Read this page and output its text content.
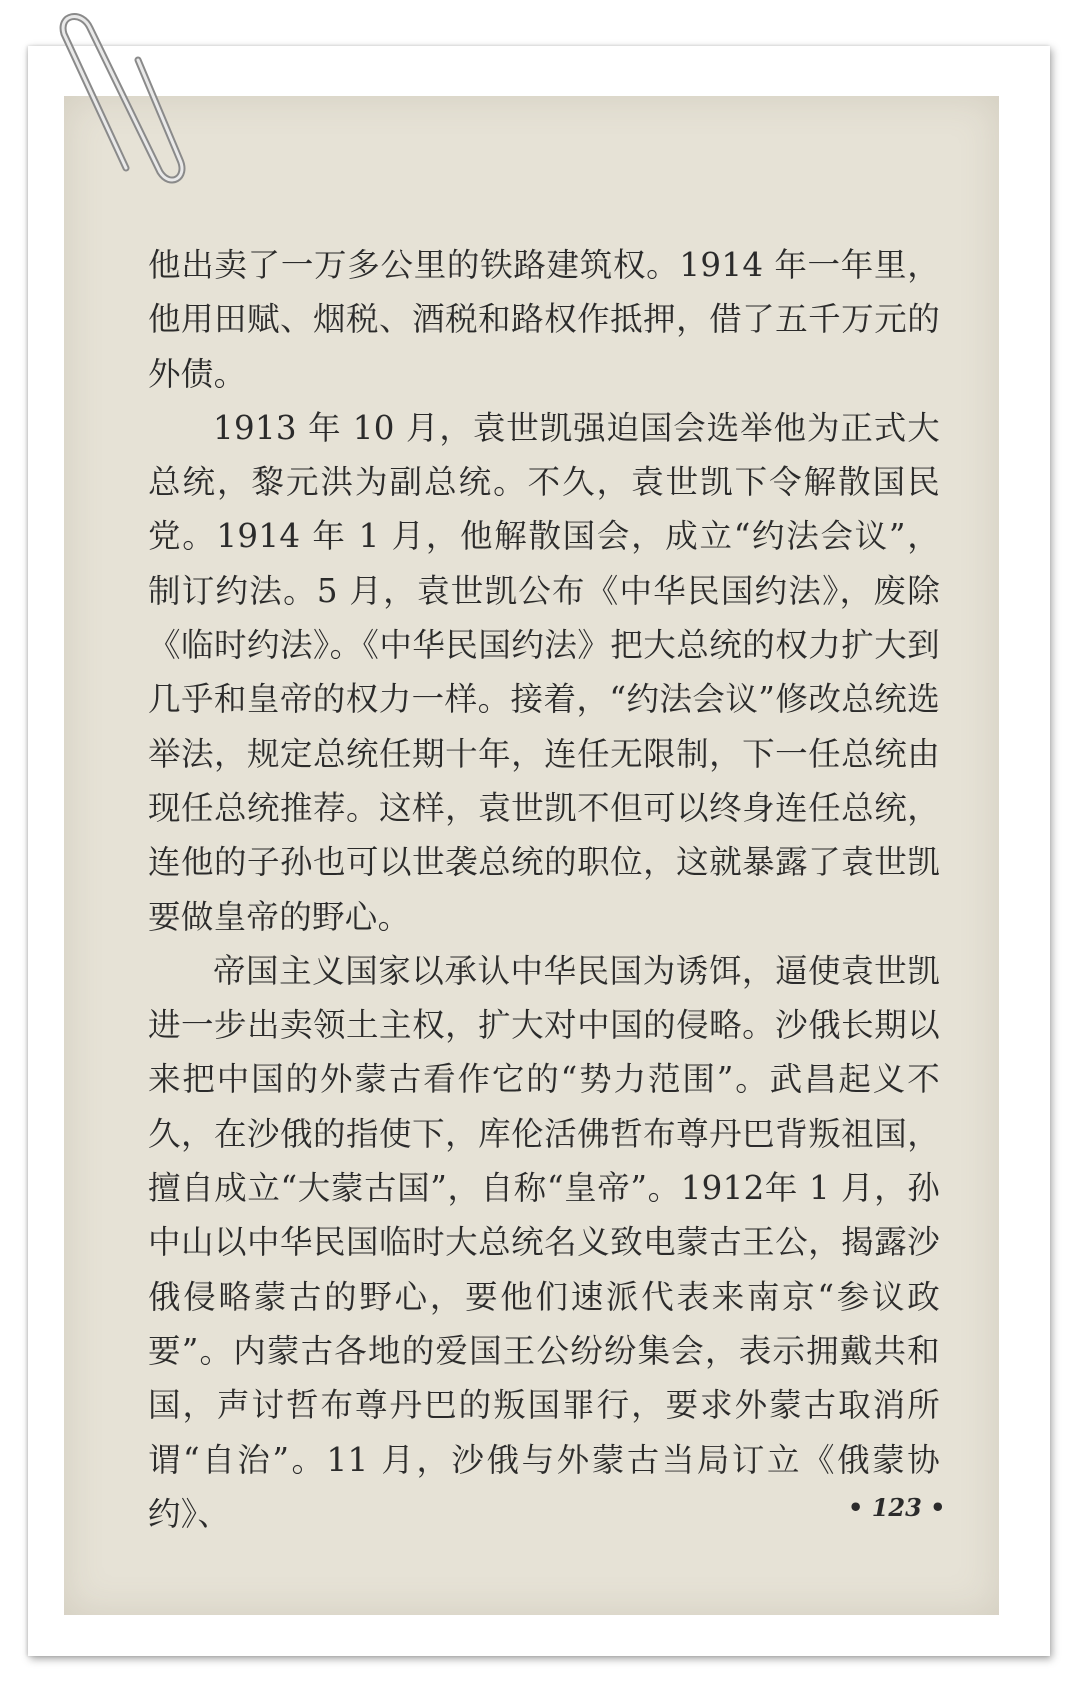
他出卖了一万多公里的铁路建筑权。1914 年一年里，他用田赋、烟税、酒税和路权作抵押，借了五千万元的外债。

1913 年 10 月，袁世凯强迫国会选举他为正式大总统，黎元洪为副总统。不久，袁世凯下令解散国民党。1914 年 1 月，他解散国会，成立“约法会议”，制订约法。5 月，袁世凯公布《中华民国约法》，废除《临时约法》。《中华民国约法》把大总统的权力扩大到几乎和皇帝的权力一样。接着，“约法会议”修改总统选举法，规定总统任期十年，连任无限制，下一任总统由现任总统推荐。这样，袁世凯不但可以终身连任总统，连他的子孙也可以世袭总统的职位，这就暴露了袁世凯要做皇帝的野心。

帝国主义国家以承认中华民国为诱饵，逼使袁世凯进一步出卖领土主权，扩大对中国的侵略。沙俄长期以来把中国的外蒙古看作它的“势力范围”。武昌起义不久，在沙俄的指使下，库伦活佛哲布尊丹巴背叛祖国，擅自成立“大蒙古国”，自称“皇帝”。1912年 1 月，孙中山以中华民国临时大总统名义致电蒙古王公，揭露沙俄侵略蒙古的野心，要他们速派代表来南京“参议政要”。内蒙古各地的爱国王公纷纷集会，表示拥戴共和国，声讨哲布尊丹巴的叛国罪行，要求外蒙古取消所谓“自治”。11 月，沙俄与外蒙古当局订立《俄蒙协约》、	• 123 •
